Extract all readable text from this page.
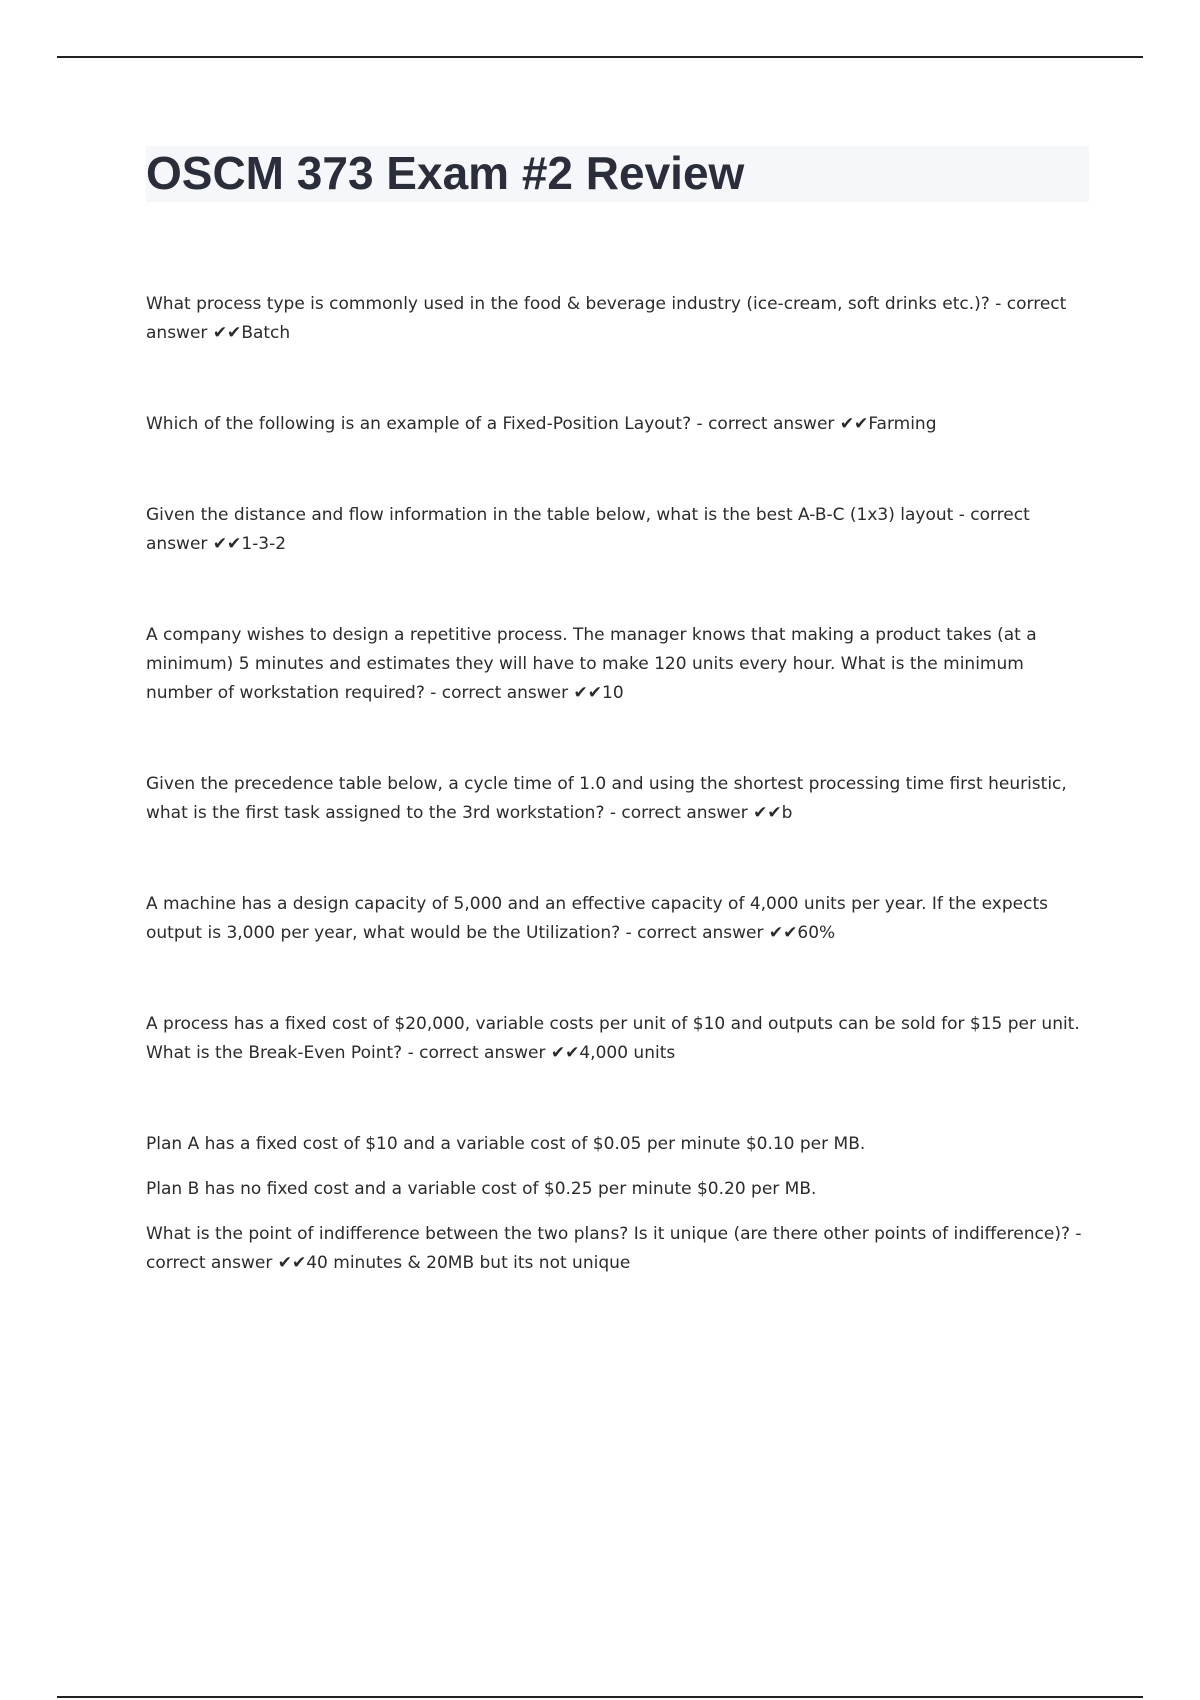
OSCM 373 Exam #2 Review

What process type is commonly used in the food & beverage industry (ice-cream, soft drinks etc.)? - correct answer ✔✔Batch

Which of the following is an example of a Fixed-Position Layout? - correct answer ✔✔Farming

Given the distance and flow information in the table below, what is the best A-B-C (1x3) layout - correct answer ✔✔1-3-2

A company wishes to design a repetitive process. The manager knows that making a product takes (at a minimum) 5 minutes and estimates they will have to make 120 units every hour. What is the minimum number of workstation required? - correct answer ✔✔10

Given the precedence table below, a cycle time of 1.0 and using the shortest processing time first heuristic, what is the first task assigned to the 3rd workstation? - correct answer ✔✔b

A machine has a design capacity of 5,000 and an effective capacity of 4,000 units per year. If the expects output is 3,000 per year, what would be the Utilization? - correct answer ✔✔60%

A process has a fixed cost of $20,000, variable costs per unit of $10 and outputs can be sold for $15 per unit. What is the Break-Even Point? - correct answer ✔✔4,000 units

Plan A has a fixed cost of $10 and a variable cost of $0.05 per minute $0.10 per MB.

Plan B has no fixed cost and a variable cost of $0.25 per minute $0.20 per MB.

What is the point of indifference between the two plans? Is it unique (are there other points of indifference)? - correct answer ✔✔40 minutes & 20MB but its not unique
